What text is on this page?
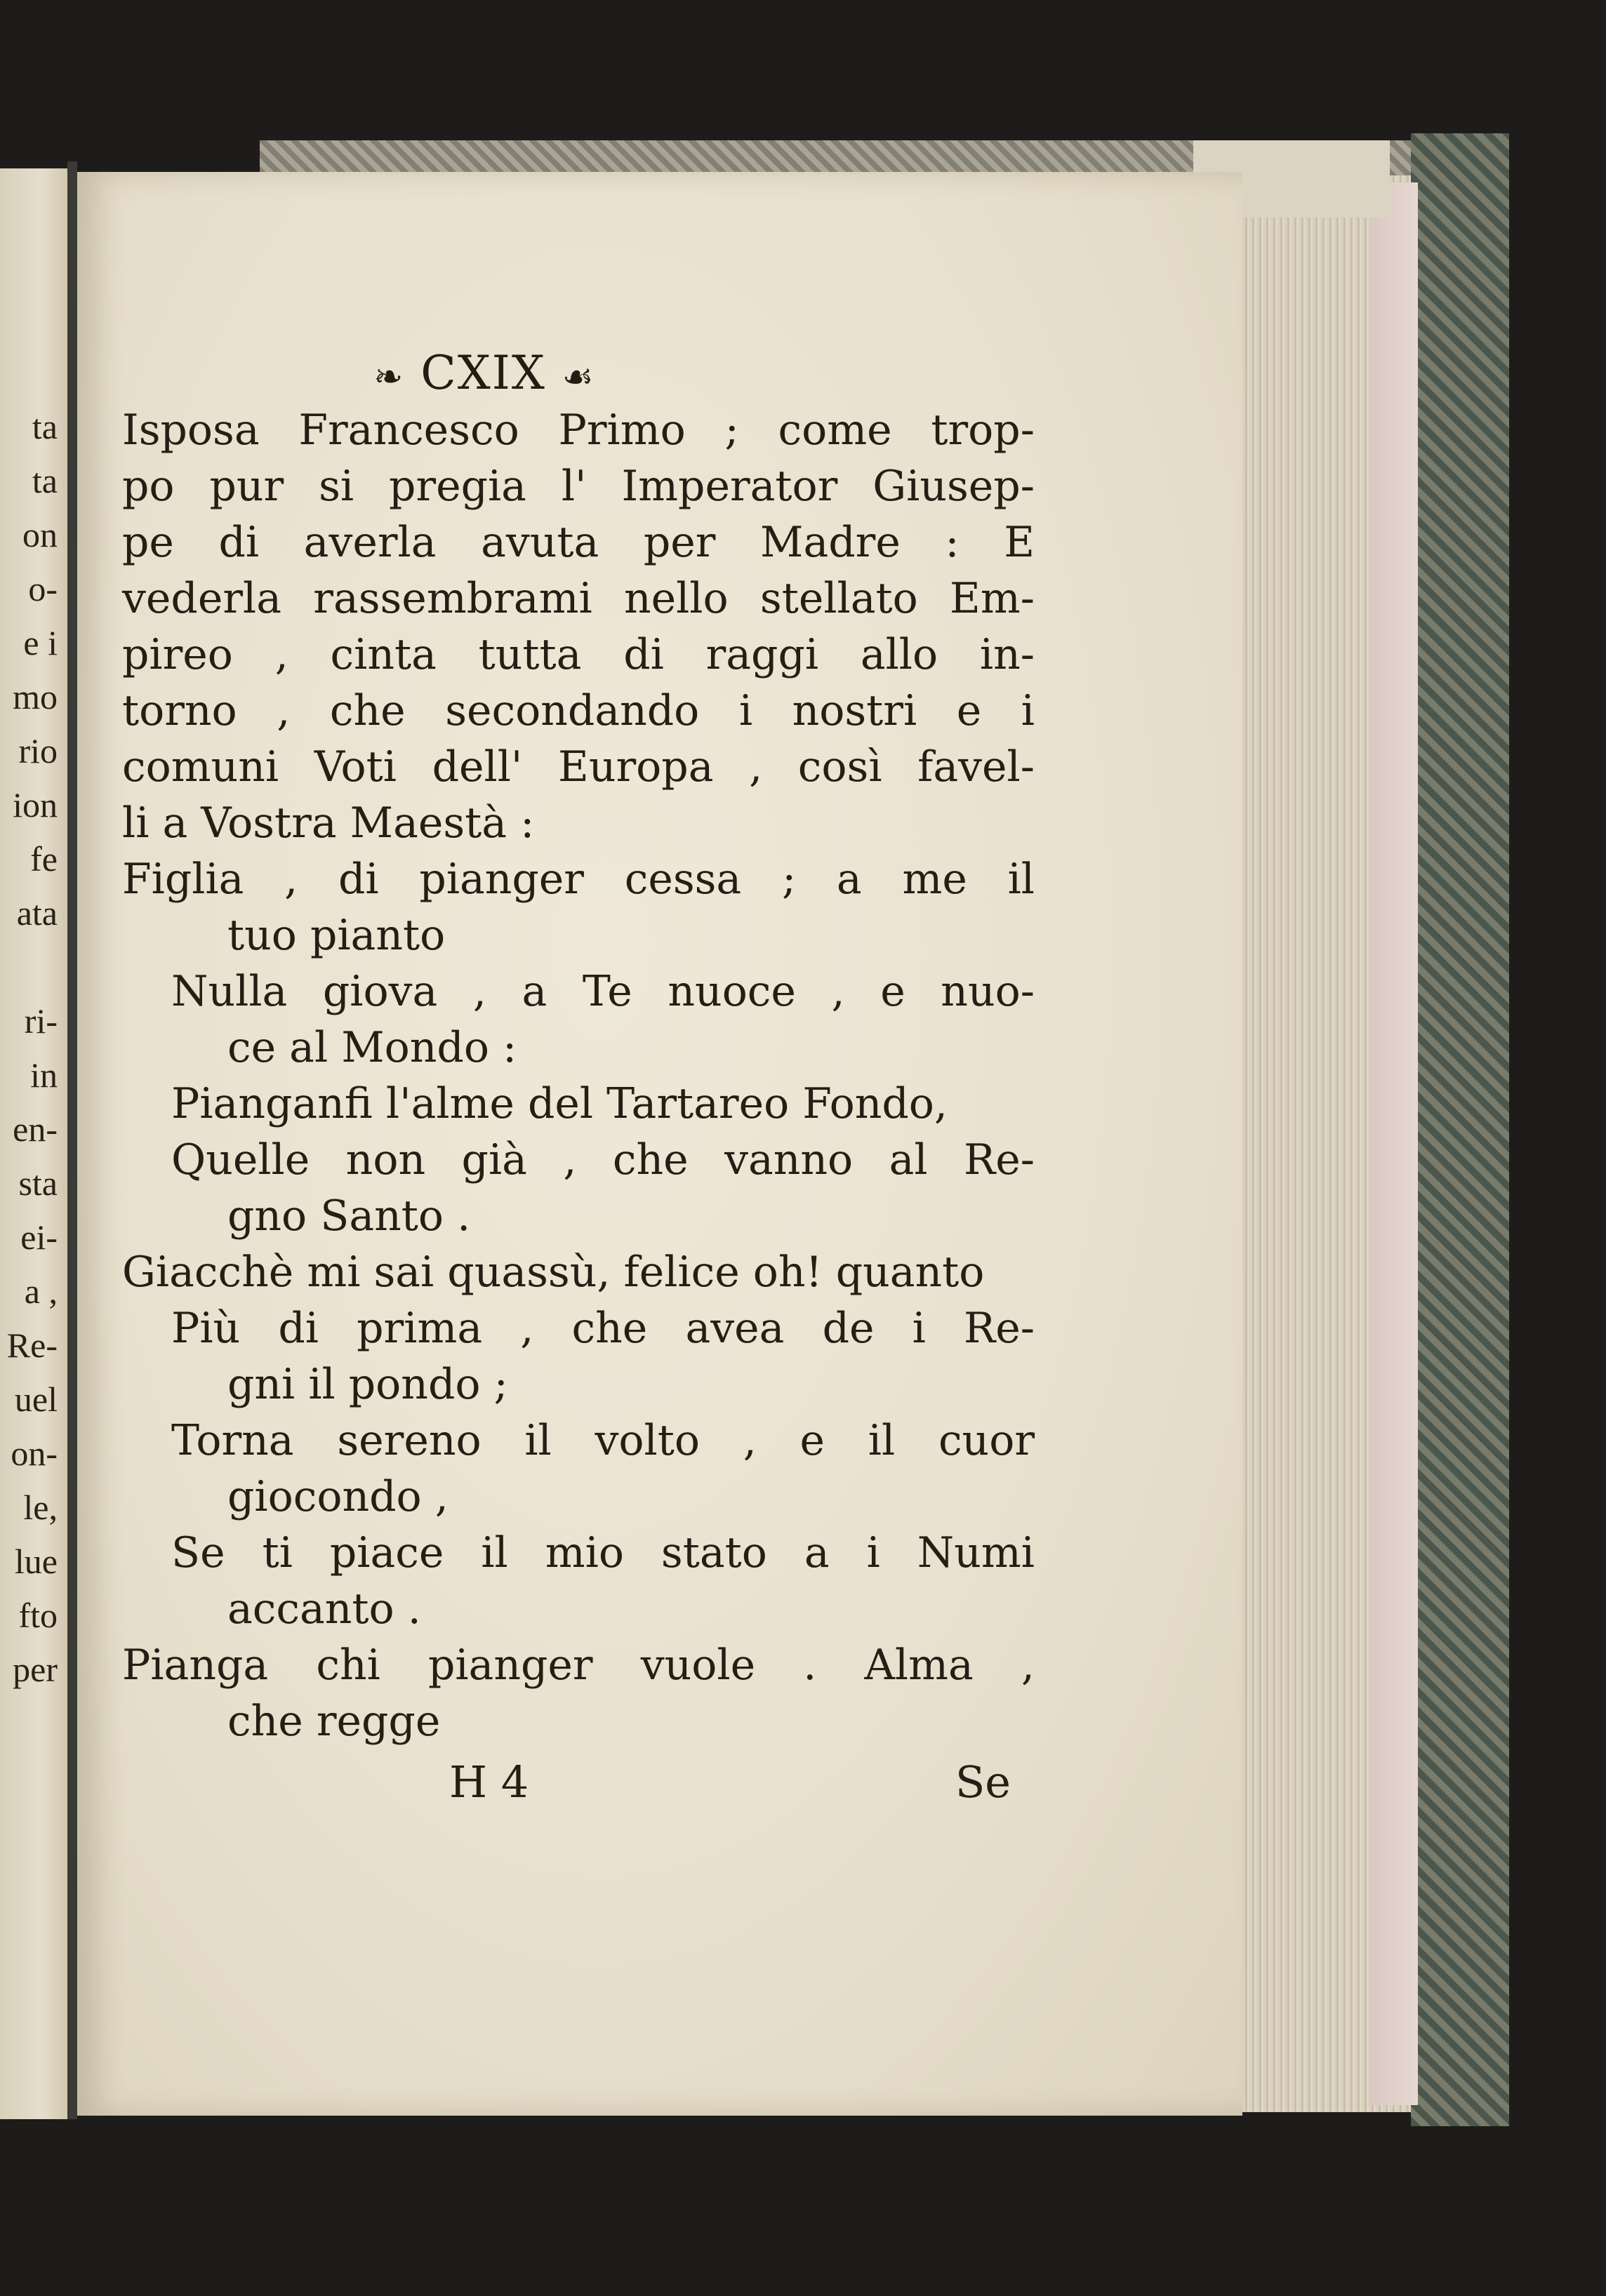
ta
ta
on
o-
e i
mo
rio
ion
fe
ata
ri-
in
en-
sta
ei-
a ,
Re-
uel
on-
le,
lue
fto
per
❧ CXIX ☙
Isposa Francesco Primo ; come trop-
po pur si pregia l' Imperator Giusep-
pe di averla avuta per Madre : E
vederla rassembrami nello stellato Em-
pireo , cinta tutta di raggi allo in-
torno , che secondando i nostri e i
comuni Voti dell' Europa , così favel-
li a Vostra Maestà :
Figlia , di pianger cessa ; a me il
tuo pianto
Nulla giova , a Te nuoce , e nuo-
ce al Mondo :
Pianganfi l'alme del Tartareo Fondo,
Quelle non già , che vanno al Re-
gno Santo .
Giacchè mi sai quassù, felice oh! quanto
Più di prima , che avea de i Re-
gni il pondo ;
Torna sereno il volto , e il cuor
giocondo ,
Se ti piace il mio stato a i Numi
accanto .
Pianga chi pianger vuole . Alma ,
che regge
H 4	Se
